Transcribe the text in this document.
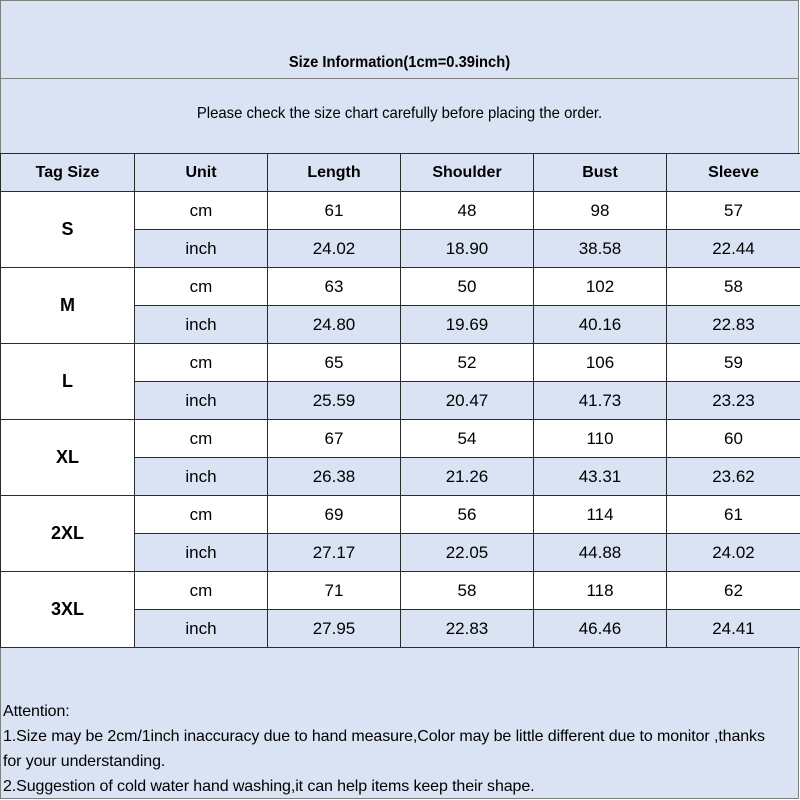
Size Information(1cm=0.39inch)
Please check the size chart carefully before placing the order.
Tag Size	Unit	Length	Shoulder	Bust	Sleeve
S	cm	61	48	98	57
	inch	24.02	18.90	38.58	22.44
M	cm	63	50	102	58
	inch	24.80	19.69	40.16	22.83
L	cm	65	52	106	59
	inch	25.59	20.47	41.73	23.23
XL	cm	67	54	110	60
	inch	26.38	21.26	43.31	23.62
2XL	cm	69	56	114	61
	inch	27.17	22.05	44.88	24.02
3XL	cm	71	58	118	62
	inch	27.95	22.83	46.46	24.41
Attention:
1.Size may be 2cm/1inch inaccuracy due to hand measure,Color may be little different due to monitor ,thanks
for your understanding.
2.Suggestion of cold water hand washing,it can help items keep their shape.
